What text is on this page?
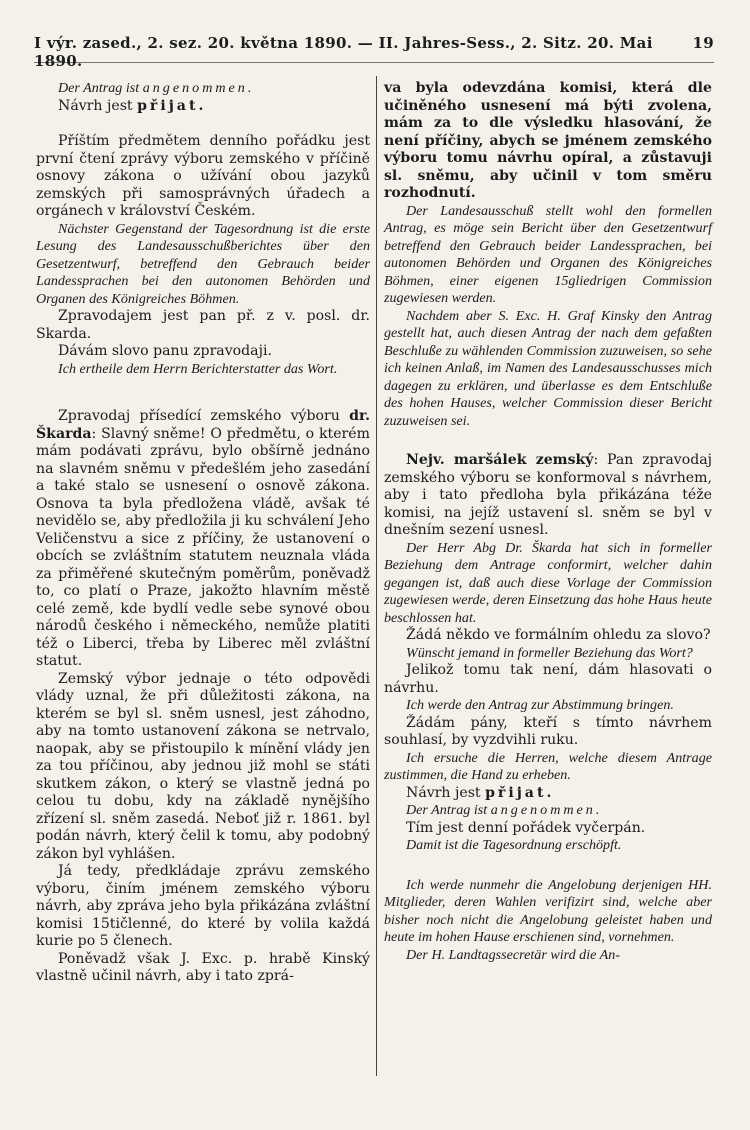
I výr. zased., 2. sez. 20. května 1890. — II. Jahres-Sess., 2. Sitz. 20. Mai 1890.
19

Der Antrag ist angenommen.

Návrh jest přijat.

Příštím předmětem denního pořádku jest první čtení zprávy výboru zemského v příčině osnovy zákona o užívání obou jazyků zemských při samosprávných úřadech a orgánech v království Českém.

Nächster Gegenstand der Tagesordnung ist die erste Lesung des Landesausschußberichtes über den Gesetzentwurf, betreffend den Gebrauch beider Landessprachen bei den autonomen Behörden und Organen des Königreiches Böhmen.

Zpravodajem jest pan př. z v. posl. dr. Skarda.

Dávám slovo panu zpravodaji.

Ich ertheile dem Herrn Berichterstatter das Wort.

Zpravodaj přísedící zemského výboru dr. Škarda: Slavný sněme! O předmětu, o kterém mám podávati zprávu, bylo obšírně jednáno na slavném sněmu v předešlém jeho zasedání a také stalo se usnesení o osnově zákona. Osnova ta byla předložena vládě, avšak té nevidělo se, aby předložila ji ku schválení Jeho Veličenstvu a sice z příčiny, že ustanovení o obcích se zvláštním statutem neuznala vláda za přiměřené skutečným poměrům, poněvadž to, co platí o Praze, jakožto hlavním městě celé země, kde bydlí vedle sebe synové obou národů českého i německého, nemůže platiti též o Liberci, třeba by Liberec měl zvláštní statut.

Zemský výbor jednaje o této odpovědi vlády uznal, že při důležitosti zákona, na kterém se byl sl. sněm usnesl, jest záhodno, aby na tomto ustanovení zákona se netrvalo, naopak, aby se přistoupilo k mínění vlády jen za tou příčinou, aby jednou již mohl se státi skutkem zákon, o který se vlastně jedná po celou tu dobu, kdy na základě nynějšího zřízení sl. sněm zasedá. Neboť již r. 1861. byl podán návrh, který čelil k tomu, aby podobný zákon byl vyhlášen.

Já tedy, předkládaje zprávu zemského výboru, činím jménem zemského výboru návrh, aby zpráva jeho byla přikázána zvláštní komisi 15tičlenné, do které by volila každá kurie po 5 členech.

Poněvadž však J. Exc. p. hrabě Kinský vlastně učinil návrh, aby i tato zprá-

va byla odevzdána komisi, která dle učiněného usnesení má býti zvolena, mám za to dle výsledku hlasování, že není příčiny, abych se jménem zemského výboru tomu návrhu opíral, a zůstavuji sl. sněmu, aby učinil v tom směru rozhodnutí.

Der Landesausschuß stellt wohl den formellen Antrag, es möge sein Bericht über den Gesetzentwurf betreffend den Gebrauch beider Landessprachen, bei autonomen Behörden und Organen des Königreiches Böhmen, einer eigenen 15gliedrigen Commission zugewiesen werden.

Nachdem aber S. Exc. H. Graf Kinsky den Antrag gestellt hat, auch diesen Antrag der nach dem gefaßten Beschluße zu wählenden Commission zuzuweisen, so sehe ich keinen Anlaß, im Namen des Landesausschusses mich dagegen zu erklären, und überlasse es dem Entschluße des hohen Hauses, welcher Commission dieser Bericht zuzuweisen sei.

Nejv. maršálek zemský: Pan zpravodaj zemského výboru se konformoval s návrhem, aby i tato předloha byla přikázána téže komisi, na jejíž ustavení sl. sněm se byl v dnešním sezení usnesl.

Der Herr Abg Dr. Škarda hat sich in formeller Beziehung dem Antrage conformirt, welcher dahin gegangen ist, daß auch diese Vorlage der Commission zugewiesen werde, deren Einsetzung das hohe Haus heute beschlossen hat.

Žádá někdo ve formálním ohledu za slovo?

Wünscht jemand in formeller Beziehung das Wort?

Jelikož tomu tak není, dám hlasovati o návrhu.

Ich werde den Antrag zur Abstimmung bringen.

Žádám pány, kteří s tímto návrhem souhlasí, by vyzdvihli ruku.

Ich ersuche die Herren, welche diesem Antrage zustimmen, die Hand zu erheben.

Návrh jest přijat.

Der Antrag ist angenommen.

Tím jest denní pořádek vyčerpán.

Damit ist die Tagesordnung erschöpft.

Ich werde nunmehr die Angelobung derjenigen HH. Mitglieder, deren Wahlen verifizirt sind, welche aber bisher noch nicht die Angelobung geleistet haben und heute im hohen Hause erschienen sind, vornehmen.

Der H. Landtagssecretär wird die An-
